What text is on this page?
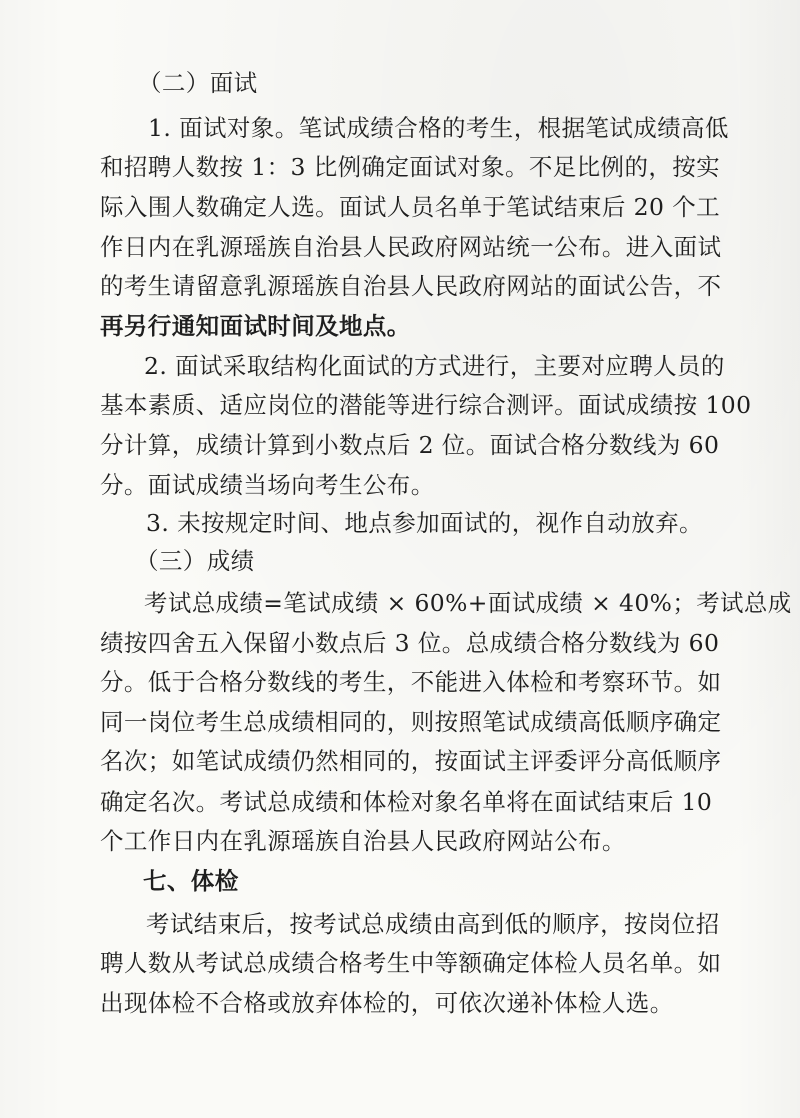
（二）面试
1. 面试对象。笔试成绩合格的考生，根据笔试成绩高低
和招聘人数按 1：3 比例确定面试对象。不足比例的，按实
际入围人数确定人选。面试人员名单于笔试结束后 20 个工
作日内在乳源瑶族自治县人民政府网站统一公布。进入面试
的考生请留意乳源瑶族自治县人民政府网站的面试公告，不
再另行通知面试时间及地点。
2. 面试采取结构化面试的方式进行，主要对应聘人员的
基本素质、适应岗位的潜能等进行综合测评。面试成绩按 100
分计算，成绩计算到小数点后 2 位。面试合格分数线为 60
分。面试成绩当场向考生公布。
3. 未按规定时间、地点参加面试的，视作自动放弃。
（三）成绩
考试总成绩=笔试成绩 × 60%+面试成绩 × 40%；考试总成
绩按四舍五入保留小数点后 3 位。总成绩合格分数线为 60
分。低于合格分数线的考生，不能进入体检和考察环节。如
同一岗位考生总成绩相同的，则按照笔试成绩高低顺序确定
名次；如笔试成绩仍然相同的，按面试主评委评分高低顺序
确定名次。考试总成绩和体检对象名单将在面试结束后 10
个工作日内在乳源瑶族自治县人民政府网站公布。
七、体检
考试结束后，按考试总成绩由高到低的顺序，按岗位招
聘人数从考试总成绩合格考生中等额确定体检人员名单。如
出现体检不合格或放弃体检的，可依次递补体检人选。
